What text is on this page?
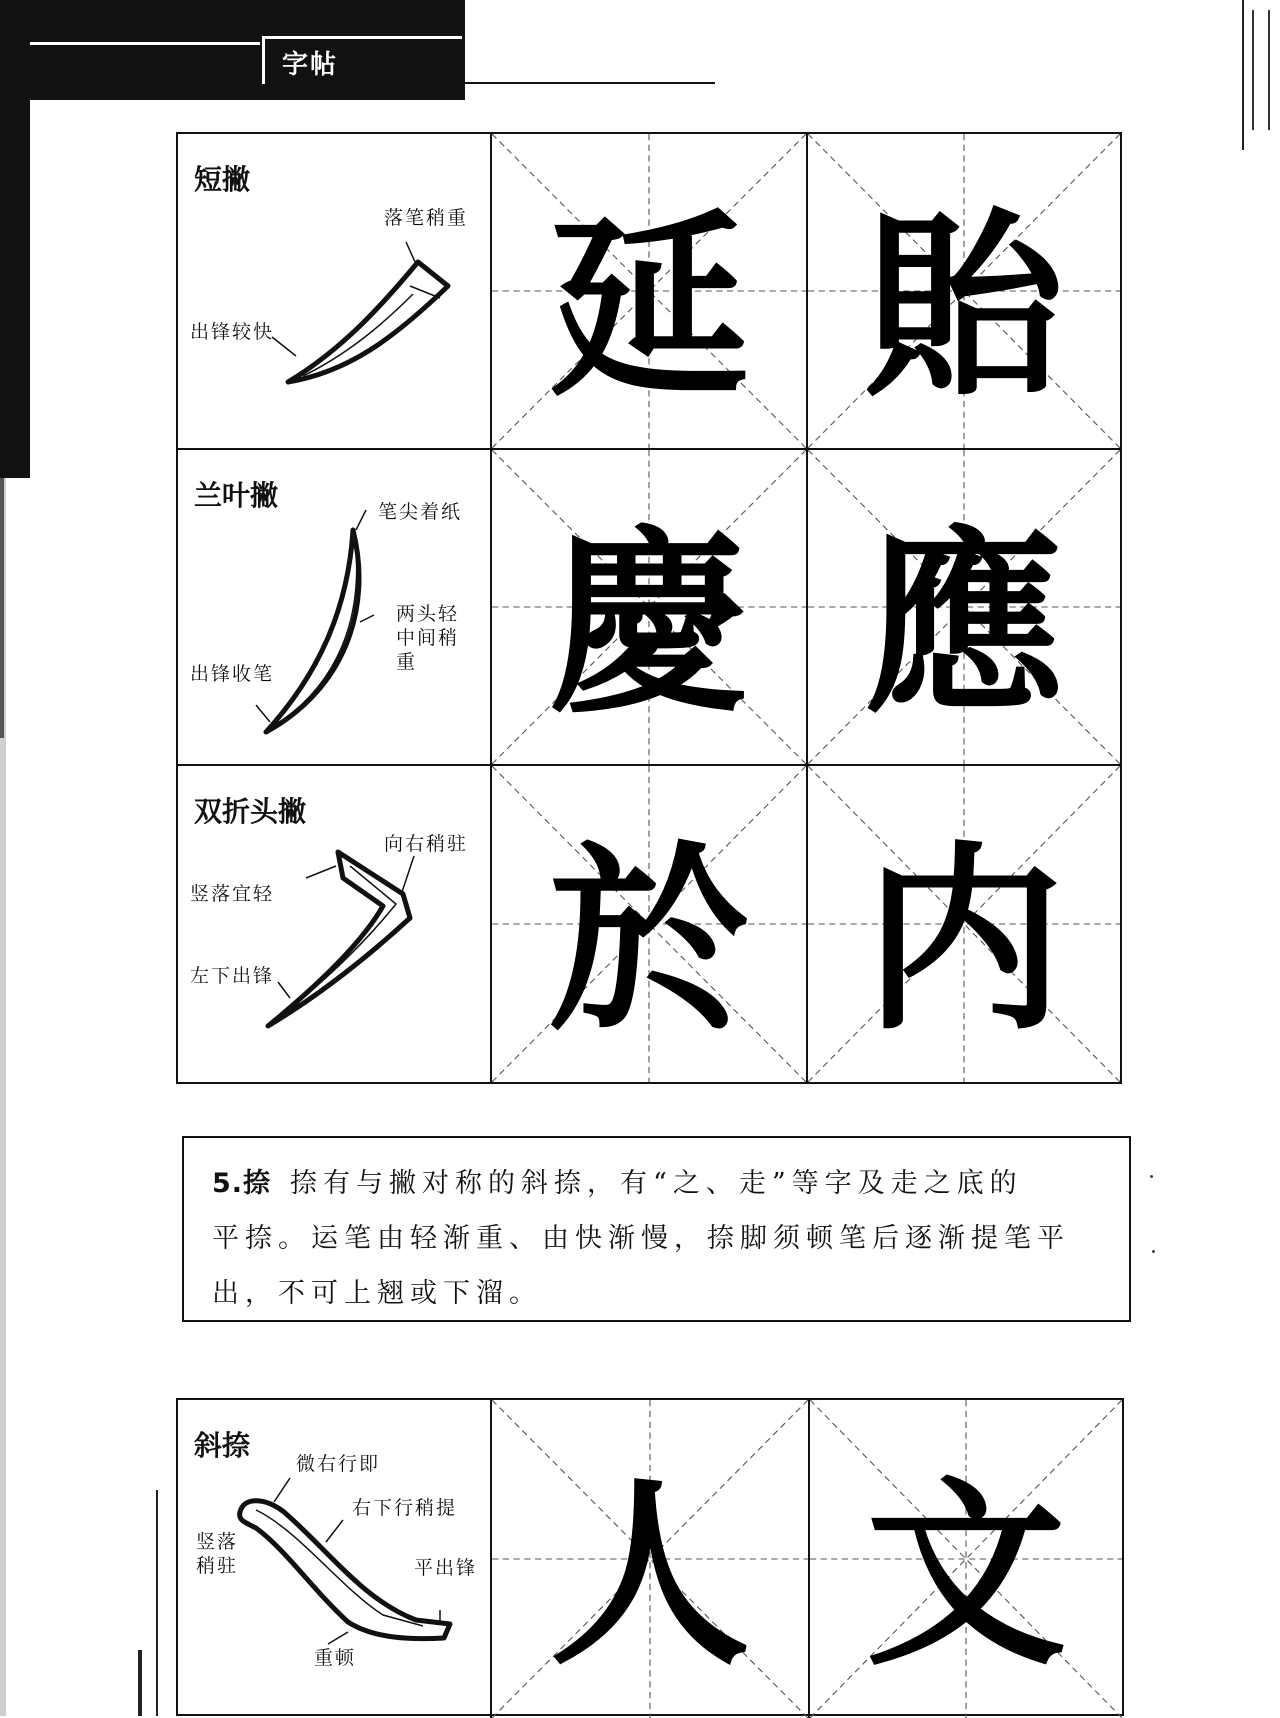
字帖
短撇
落笔稍重
出锋较快 延 貽
兰叶撇	笔尖着纸
两头轻
中间稍
重
出锋收笔 慶 應
双折头撇
向右稍驻
竖落宜轻
左下出锋 於 内

5.捺 捺有与撇对称的斜捺，有“之、走”等字及走之底的

平捺。运笔由轻渐重、由快渐慢，捺脚须顿笔后逐渐提笔平

出，不可上翘或下溜。

斜捺
微右行即
右下行稍提
竖落
稍驻	平出锋
重顿 人 文
